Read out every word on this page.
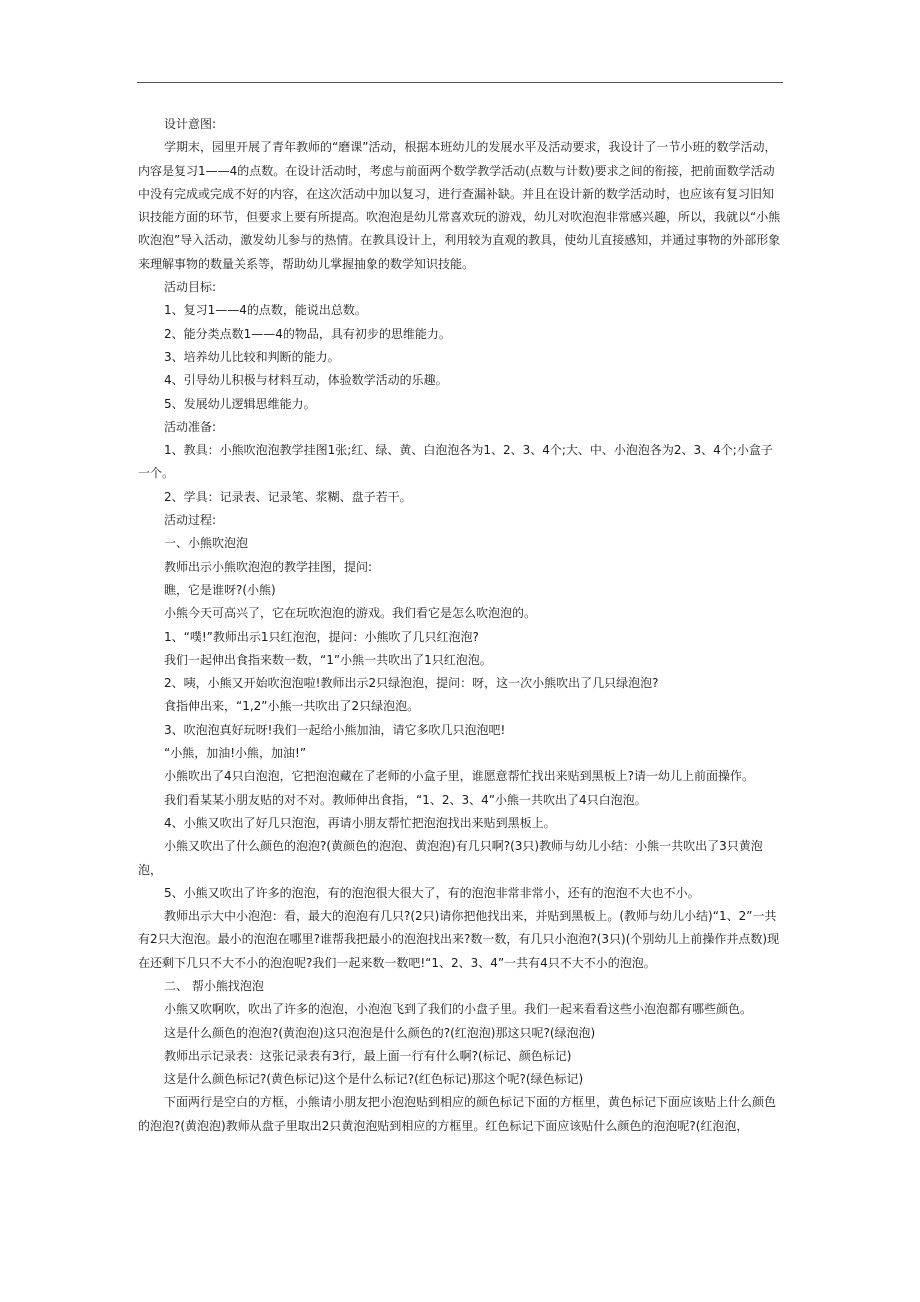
设计意图:

学期末，园里开展了青年教师的“磨课”活动，根据本班幼儿的发展水平及活动要求，我设计了一节小班的数学活动，内容是复习1——4的点数。在设计活动时，考虑与前面两个数学教学活动(点数与计数)要求之间的衔接，把前面数学活动中没有完成或完成不好的内容，在这次活动中加以复习，进行查漏补缺。并且在设计新的数学活动时，也应该有复习旧知识技能方面的环节，但要求上要有所提高。吹泡泡是幼儿常喜欢玩的游戏，幼儿对吹泡泡非常感兴趣，所以，我就以“小熊吹泡泡”导入活动，激发幼儿参与的热情。在教具设计上，利用较为直观的教具，使幼儿直接感知，并通过事物的外部形象来理解事物的数量关系等，帮助幼儿掌握抽象的数学知识技能。

活动目标:

1、复习1——4的点数，能说出总数。

2、能分类点数1——4的物品，具有初步的思维能力。

3、培养幼儿比较和判断的能力。

4、引导幼儿积极与材料互动，体验数学活动的乐趣。

5、发展幼儿逻辑思维能力。

活动准备:

1、教具：小熊吹泡泡教学挂图1张;红、绿、黄、白泡泡各为1、2、3、4个;大、中、小泡泡各为2、3、4个;小盒子一个。

2、学具：记录表、记录笔、浆糊、盘子若干。

活动过程:

一、小熊吹泡泡

教师出示小熊吹泡泡的教学挂图，提问:

瞧，它是谁呀?(小熊)

小熊今天可高兴了，它在玩吹泡泡的游戏。我们看它是怎么吹泡泡的。

1、“噗!”教师出示1只红泡泡，提问：小熊吹了几只红泡泡?

我们一起伸出食指来数一数，“1”小熊一共吹出了1只红泡泡。

2、咦，小熊又开始吹泡泡啦!教师出示2只绿泡泡，提问：呀，这一次小熊吹出了几只绿泡泡?

食指伸出来，“1,2”小熊一共吹出了2只绿泡泡。

3、吹泡泡真好玩呀!我们一起给小熊加油，请它多吹几只泡泡吧!

“小熊，加油!小熊，加油!”

小熊吹出了4只白泡泡，它把泡泡藏在了老师的小盒子里，谁愿意帮忙找出来贴到黑板上?请一幼儿上前面操作。

我们看某某小朋友贴的对不对。教师伸出食指，“1、2、3、4”小熊一共吹出了4只白泡泡。

4、小熊又吹出了好几只泡泡，再请小朋友帮忙把泡泡找出来贴到黑板上。

小熊又吹出了什么颜色的泡泡?(黄颜色的泡泡、黄泡泡)有几只啊?(3只)教师与幼儿小结：小熊一共吹出了3只黄泡泡，

5、小熊又吹出了许多的泡泡，有的泡泡很大很大了，有的泡泡非常非常小，还有的泡泡不大也不小。

教师出示大中小泡泡：看，最大的泡泡有几只?(2只)请你把他找出来，并贴到黑板上。(教师与幼儿小结)“1、2”一共有2只大泡泡。最小的泡泡在哪里?谁帮我把最小的泡泡找出来?数一数，有几只小泡泡?(3只)(个别幼儿上前操作并点数)现在还剩下几只不大不小的泡泡呢?我们一起来数一数吧!“1、2、3、4”一共有4只不大不小的泡泡。

二、 帮小熊找泡泡

小熊又吹啊吹，吹出了许多的泡泡，小泡泡飞到了我们的小盘子里。我们一起来看看这些小泡泡都有哪些颜色。

这是什么颜色的泡泡?(黄泡泡)这只泡泡是什么颜色的?(红泡泡)那这只呢?(绿泡泡)

教师出示记录表：这张记录表有3行，最上面一行有什么啊?(标记、颜色标记)

这是什么颜色标记?(黄色标记)这个是什么标记?(红色标记)那这个呢?(绿色标记)

下面两行是空白的方框，小熊请小朋友把小泡泡贴到相应的颜色标记下面的方框里，黄色标记下面应该贴上什么颜色的泡泡?(黄泡泡)教师从盘子里取出2只黄泡泡贴到相应的方框里。红色标记下面应该贴什么颜色的泡泡呢?(红泡泡，
